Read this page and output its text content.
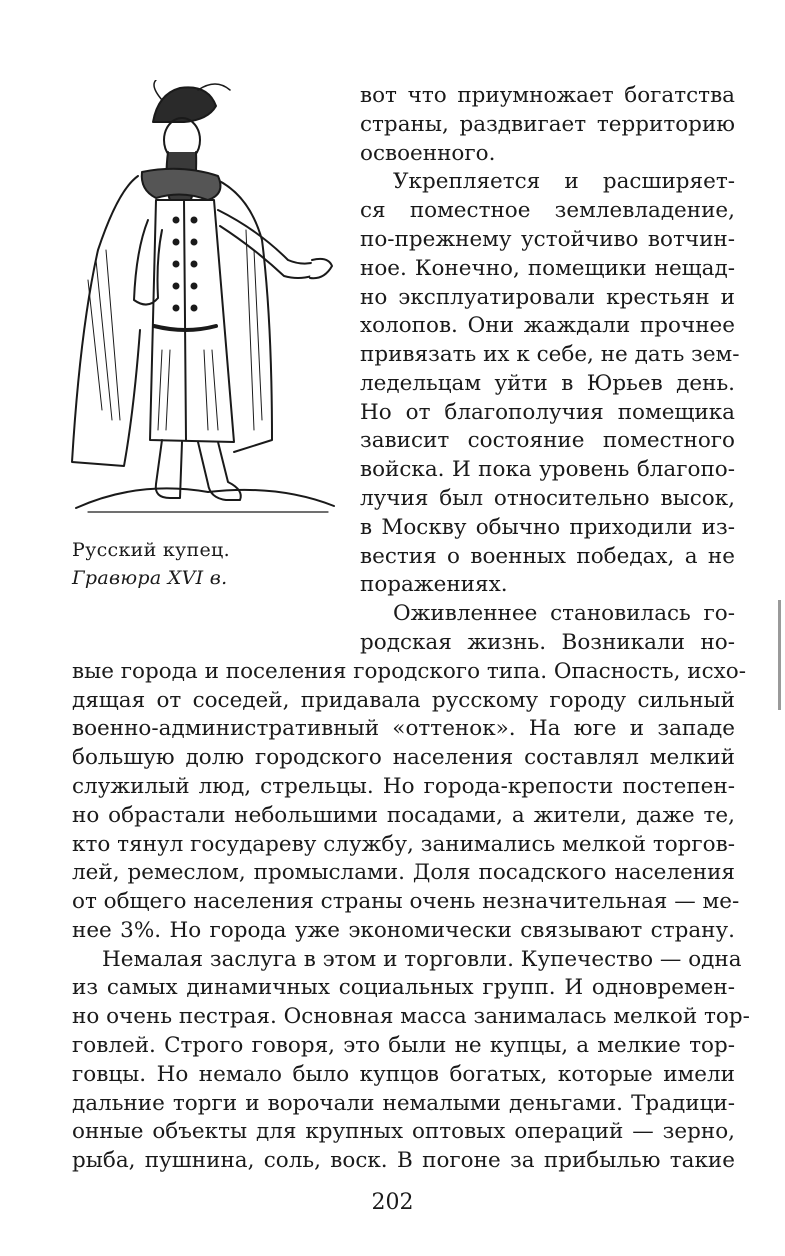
Русский купец.
Гравюра XVI в.
вот что приумножает богатства
страны, раздвигает территорию
освоенного.
Укрепляется и расширяет-
ся поместное землевладение,
по-прежнему устойчиво вотчин-
ное. Конечно, помещики нещад-
но эксплуатировали крестьян и
холопов. Они жаждали прочнее
привязать их к себе, не дать зем-
ледельцам уйти в Юрьев день.
Но от благополучия помещика
зависит состояние поместного
войска. И пока уровень благопо-
лучия был относительно высок,
в Москву обычно приходили из-
вестия о военных победах, а не
поражениях.
Оживленнее становилась го-
родская жизнь. Возникали но-
вые города и поселения городского типа. Опасность, исхо-
дящая от соседей, придавала русскому городу сильный
военно-административный «оттенок». На юге и западе
большую долю городского населения составлял мелкий
служилый люд, стрельцы. Но города-крепости постепен-
но обрастали небольшими посадами, а жители, даже те,
кто тянул государеву службу, занимались мелкой торгов-
лей, ремеслом, промыслами. Доля посадского населения
от общего населения страны очень незначительная — ме-
нее 3%. Но города уже экономически связывают страну.
Немалая заслуга в этом и торговли. Купечество — одна
из самых динамичных социальных групп. И одновремен-
но очень пестрая. Основная масса занималась мелкой тор-
говлей. Строго говоря, это были не купцы, а мелкие тор-
говцы. Но немало было купцов богатых, которые имели
дальние торги и ворочали немалыми деньгами. Традици-
онные объекты для крупных оптовых операций — зерно,
рыба, пушнина, соль, воск. В погоне за прибылью такие
202
